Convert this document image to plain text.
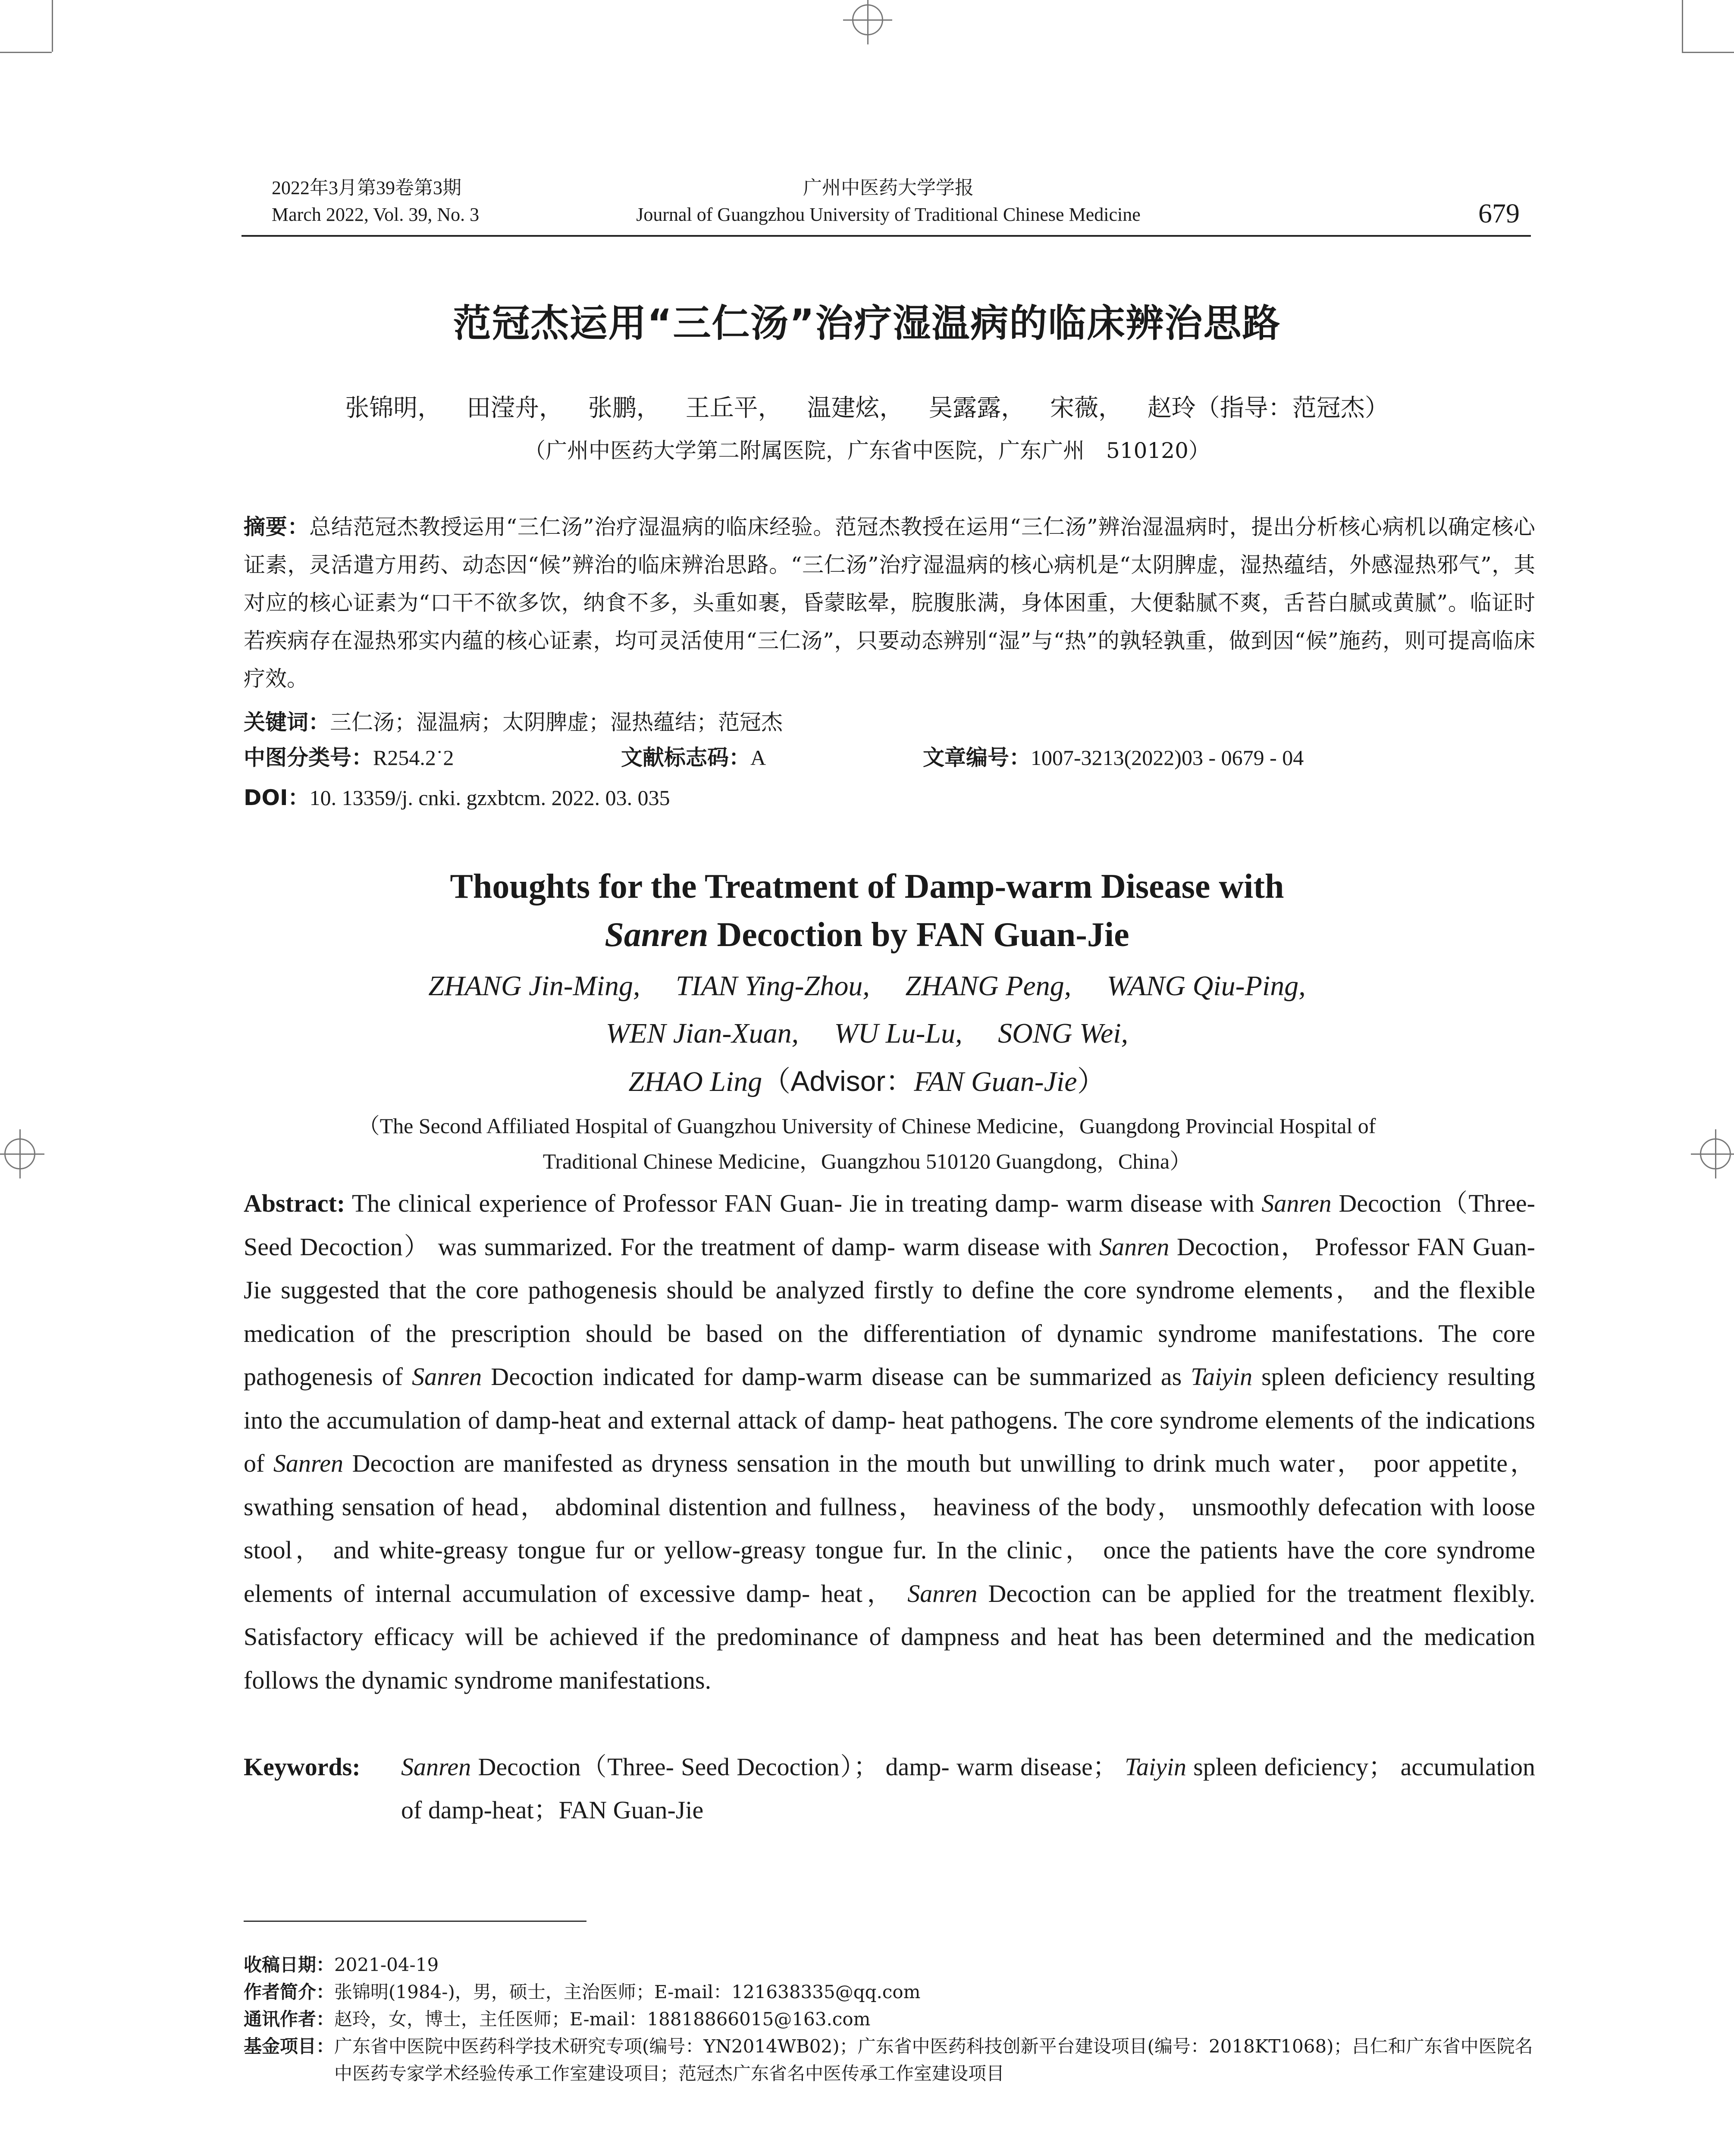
2022年3月第39卷第3期
March 2022, Vol. 39, No. 3
广州中医药大学学报
Journal of Guangzhou University of Traditional Chinese Medicine	679
范冠杰运用“三仁汤”治疗湿温病的临床辨治思路
张锦明， 田滢舟， 张鹏， 王丘平， 温建炫， 吴露露， 宋薇， 赵玲（指导：范冠杰）
（广州中医药大学第二附属医院，广东省中医院，广东广州　510120）
摘要：总结范冠杰教授运用“三仁汤”治疗湿温病的临床经验。范冠杰教授在运用“三仁汤”辨治湿温病时，提出分析核心病机以确定核心证素，灵活遣方用药、动态因“候”辨治的临床辨治思路。“三仁汤”治疗湿温病的核心病机是“太阴脾虚，湿热蕴结，外感湿热邪气”，其对应的核心证素为“口干不欲多饮，纳食不多，头重如裹，昏蒙眩晕，脘腹胀满，身体困重，大便黏腻不爽，舌苔白腻或黄腻”。临证时若疾病存在湿热邪实内蕴的核心证素，均可灵活使用“三仁汤”，只要动态辨别“湿”与“热”的孰轻孰重，做到因“候”施药，则可提高临床疗效。
关键词：三仁汤；湿温病；太阴脾虚；湿热蕴结；范冠杰
中图分类号：R254.2˙2	文献标志码：A	文章编号：1007-3213(2022)03 - 0679 - 04
DOI：10. 13359/j. cnki. gzxbtcm. 2022. 03. 035
Thoughts for the Treatment of Damp-warm Disease with
Sanren Decoction by FAN Guan-Jie
ZHANG Jin-Ming,　 TIAN Ying-Zhou,　 ZHANG Peng,　 WANG Qiu-Ping,
WEN Jian-Xuan,　 WU Lu-Lu,　 SONG Wei,
ZHAO Ling（Advisor：FAN Guan-Jie）
（The Second Affiliated Hospital of Guangzhou University of Chinese Medicine，Guangdong Provincial Hospital of
Traditional Chinese Medicine，Guangzhou 510120 Guangdong，China）
Abstract: The clinical experience of Professor FAN Guan- Jie in treating damp- warm disease with Sanren Decoction（Three- Seed Decoction） was summarized. For the treatment of damp- warm disease with Sanren Decoction， Professor FAN Guan-Jie suggested that the core pathogenesis should be analyzed firstly to define the core syndrome elements， and the flexible medication of the prescription should be based on the differentiation of dynamic syndrome manifestations. The core pathogenesis of Sanren Decoction indicated for damp-warm disease can be summarized as Taiyin spleen deficiency resulting into the accumulation of damp-heat and external attack of damp- heat pathogens. The core syndrome elements of the indications of Sanren Decoction are manifested as dryness sensation in the mouth but unwilling to drink much water， poor appetite， swathing sensation of head， abdominal distention and fullness， heaviness of the body， unsmoothly defecation with loose stool， and white-greasy tongue fur or yellow-greasy tongue fur. In the clinic， once the patients have the core syndrome elements of internal accumulation of excessive damp- heat， Sanren Decoction can be applied for the treatment flexibly. Satisfactory efficacy will be achieved if the predominance of dampness and heat has been determined and the medication follows the dynamic syndrome manifestations.
Keywords: Sanren Decoction（Three- Seed Decoction）； damp- warm disease； Taiyin spleen deficiency； accumulation of damp-heat；FAN Guan-Jie
收稿日期：2021-04-19
作者简介：张锦明(1984-)，男，硕士，主治医师；E-mail：121638335@qq.com
通讯作者：赵玲，女，博士，主任医师；E-mail：18818866015@163.com
基金项目： 广东省中医院中医药科学技术研究专项(编号：YN2014WB02)；广东省中医药科技创新平台建设项目(编号：2018KT1068)；吕仁和广东省中医院名中医药专家学术经验传承工作室建设项目；范冠杰广东省名中医传承工作室建设项目
